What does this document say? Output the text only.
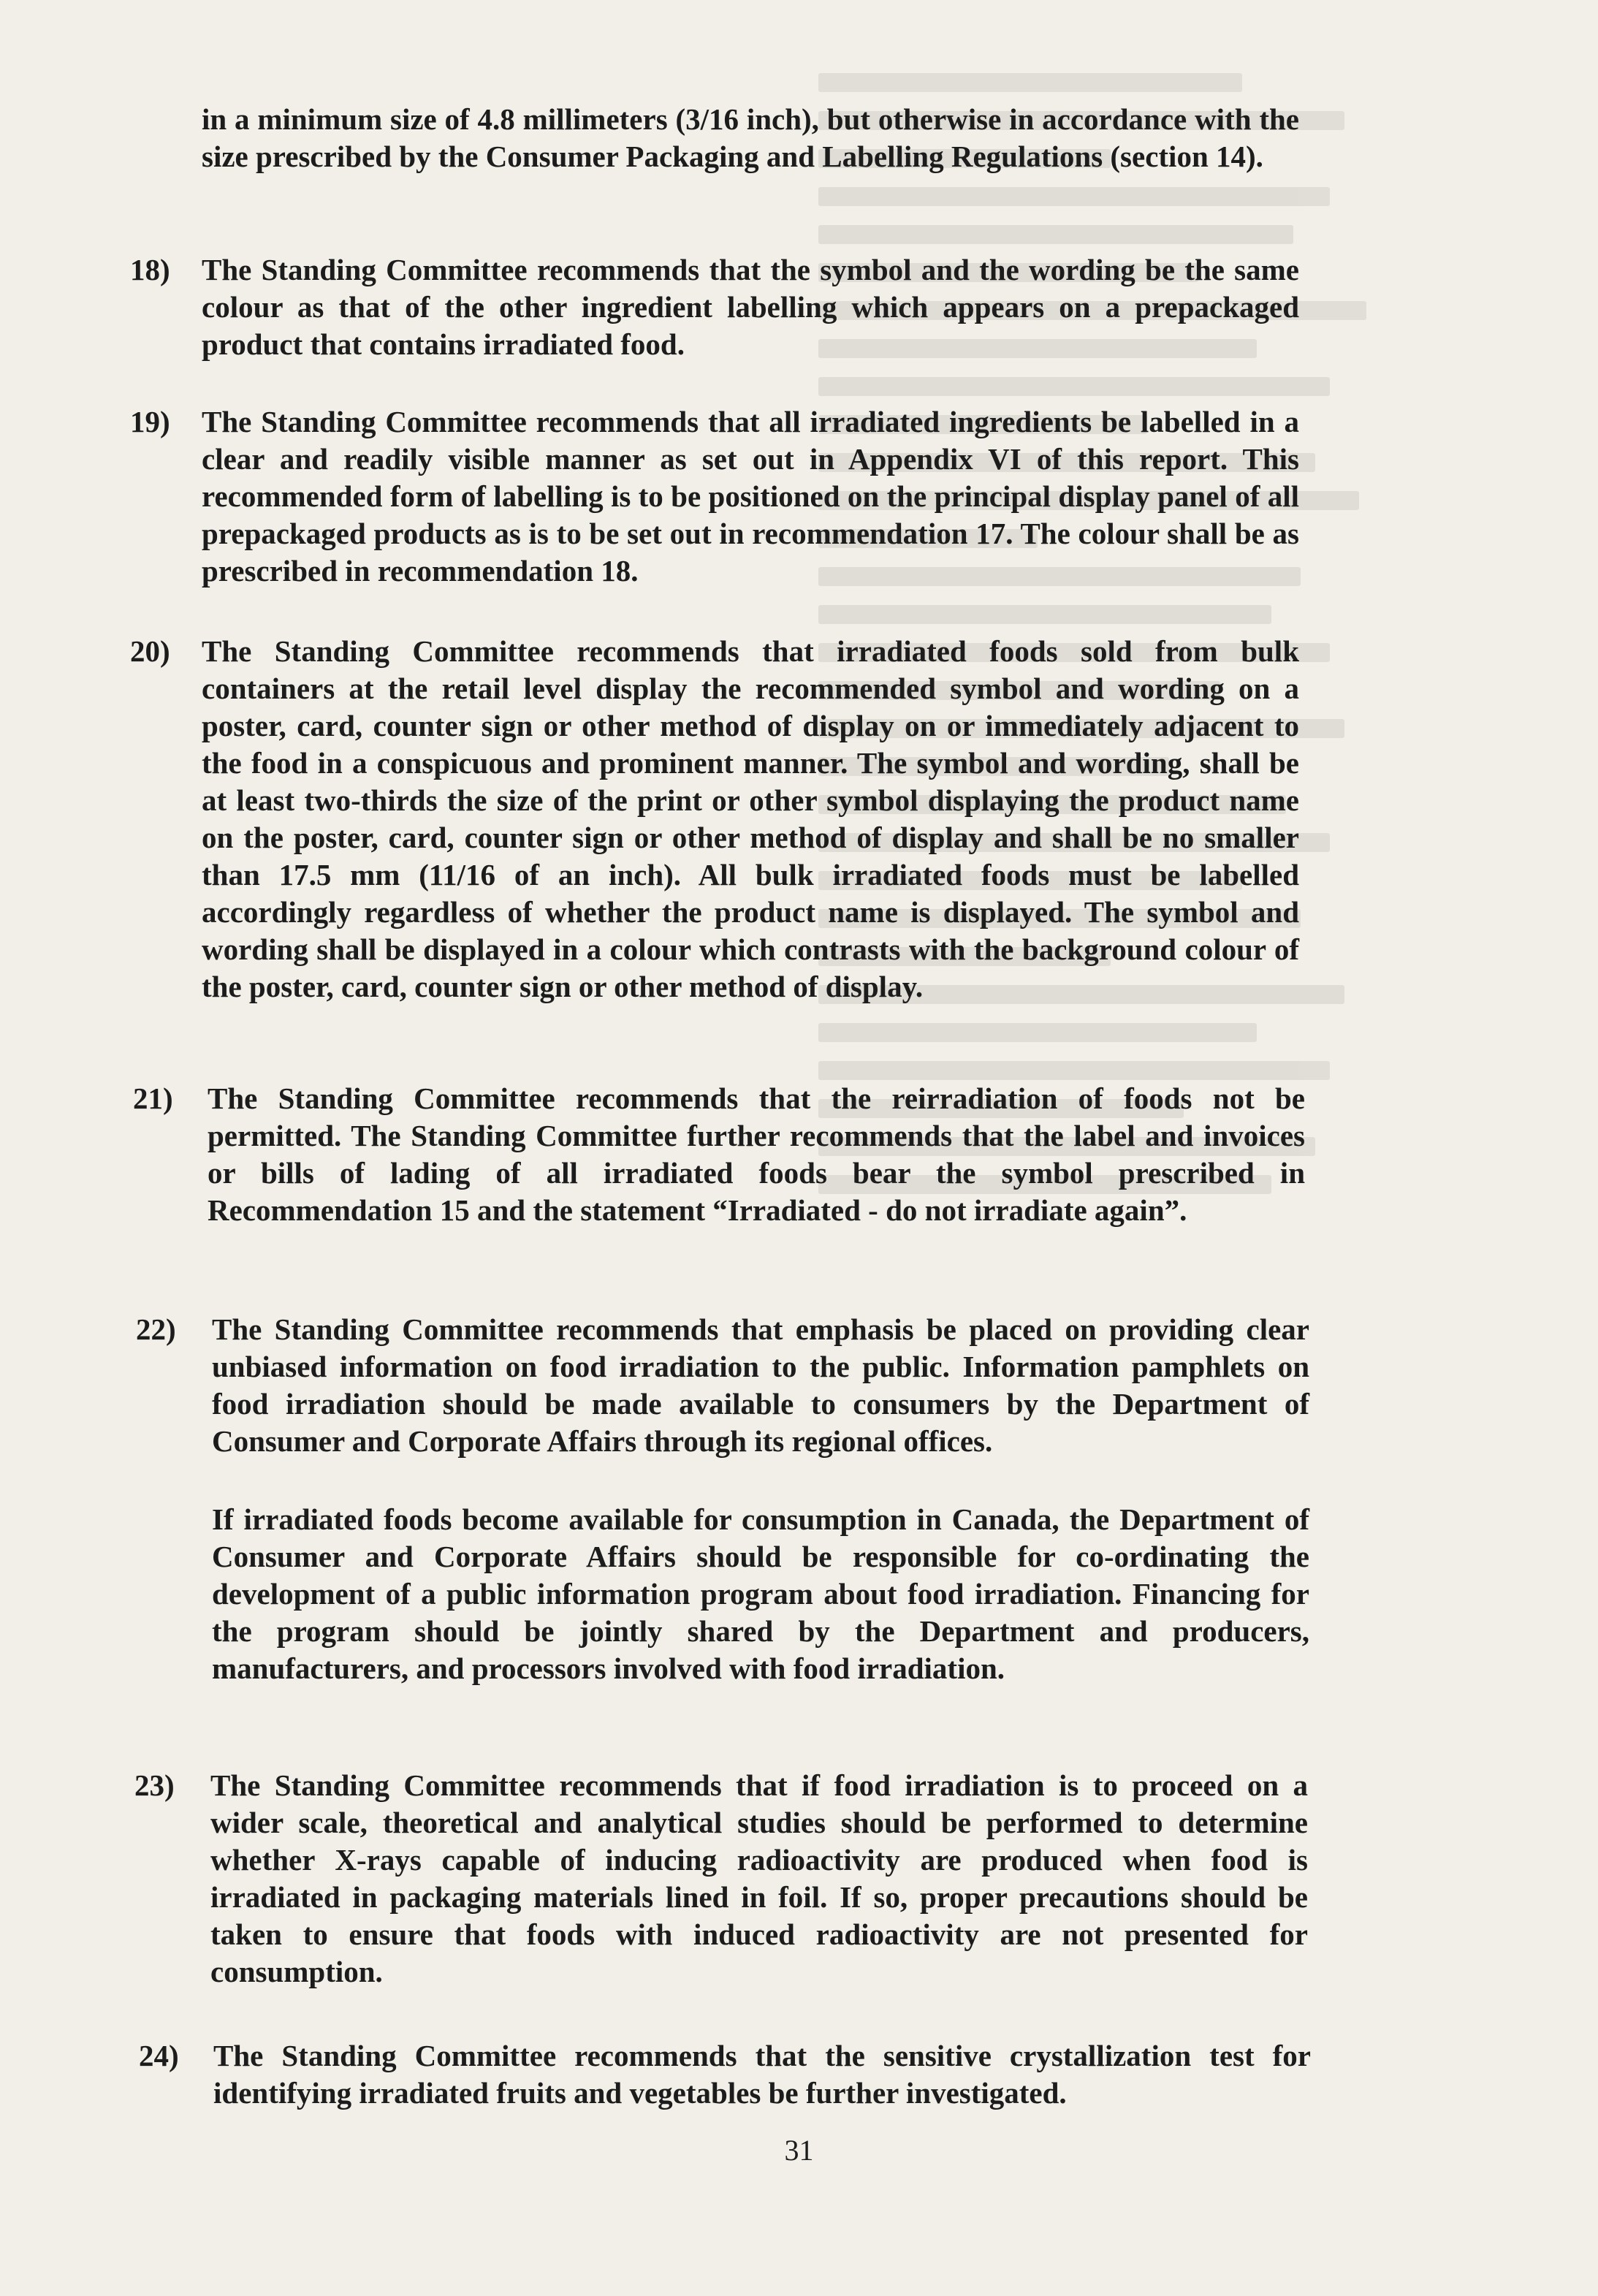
in a minimum size of 4.8 millimeters (3/16 inch), but otherwise in accordance with the size prescribed by the Consumer Packaging and Labelling Regulations (section 14).

18) The Standing Committee recommends that the symbol and the wording be the same colour as that of the other ingredient labelling which appears on a prepackaged product that contains irradiated food.

19) The Standing Committee recommends that all irradiated ingredients be labelled in a clear and readily visible manner as set out in Appendix VI of this report. This recommended form of labelling is to be positioned on the principal display panel of all prepackaged products as is to be set out in recommendation 17. The colour shall be as prescribed in recommendation 18.

20) The Standing Committee recommends that irradiated foods sold from bulk containers at the retail level display the recommended symbol and wording on a poster, card, counter sign or other method of display on or immediately adjacent to the food in a conspicuous and prominent manner. The symbol and wording, shall be at least two-thirds the size of the print or other symbol displaying the product name on the poster, card, counter sign or other method of display and shall be no smaller than 17.5 mm (11/16 of an inch). All bulk irradiated foods must be labelled accordingly regardless of whether the product name is displayed. The symbol and wording shall be displayed in a colour which contrasts with the background colour of the poster, card, counter sign or other method of display.

21) The Standing Committee recommends that the reirradiation of foods not be permitted. The Standing Committee further recommends that the label and invoices or bills of lading of all irradiated foods bear the symbol prescribed in Recommendation 15 and the statement “Irradiated - do not irradiate again”.

22) The Standing Committee recommends that emphasis be placed on providing clear unbiased information on food irradiation to the public. Information pamphlets on food irradiation should be made available to consumers by the Department of Consumer and Corporate Affairs through its regional offices.

If irradiated foods become available for consumption in Canada, the Department of Consumer and Corporate Affairs should be responsible for co-ordinating the development of a public information program about food irradiation. Financing for the program should be jointly shared by the Department and producers, manufacturers, and processors involved with food irradiation.

23) The Standing Committee recommends that if food irradiation is to proceed on a wider scale, theoretical and analytical studies should be performed to determine whether X-rays capable of inducing radioactivity are produced when food is irradiated in packaging materials lined in foil. If so, proper precautions should be taken to ensure that foods with induced radioactivity are not presented for consumption.

24) The Standing Committee recommends that the sensitive crystallization test for identifying irradiated fruits and vegetables be further investigated.

31
